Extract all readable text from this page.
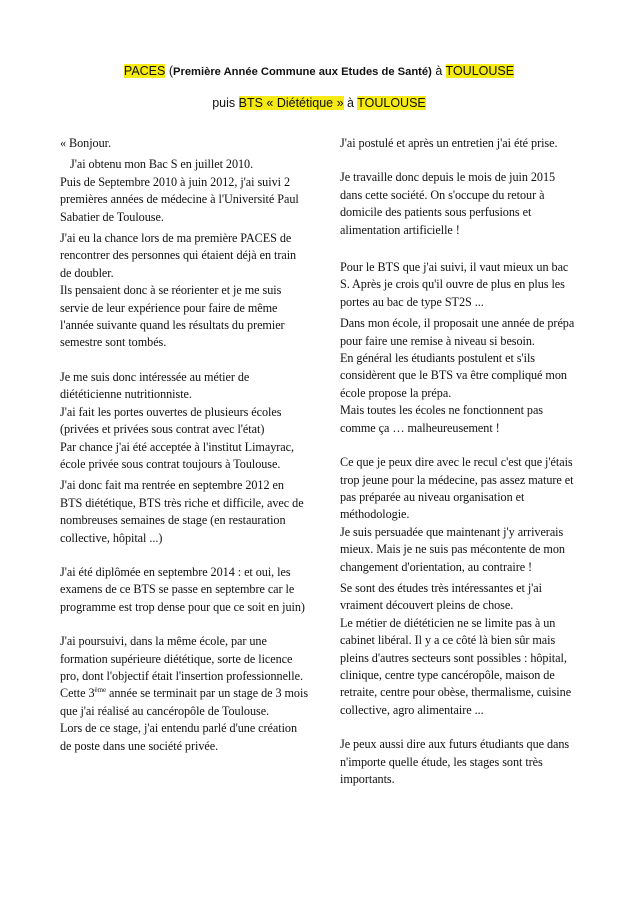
PACES (Première Année Commune aux Etudes de Santé) à TOULOUSE
puis BTS « Diététique » à TOULOUSE

« Bonjour.

J'ai obtenu mon Bac S en juillet 2010.

Puis de Septembre 2010 à juin 2012, j'ai suivi 2 premières années de médecine à l'Université Paul Sabatier de Toulouse.

J'ai eu la chance lors de ma première PACES de rencontrer des personnes qui étaient déjà en train de doubler.

Ils pensaient donc à se réorienter et je me suis servie de leur expérience pour faire de même l'année suivante quand les résultats du premier semestre sont tombés.

Je me suis donc intéressée au métier de diététicienne nutritionniste.

J'ai fait les portes ouvertes de plusieurs écoles (privées et privées sous contrat avec l'état)

Par chance j'ai été acceptée à l'institut Limayrac, école privée sous contrat toujours à Toulouse.

J'ai donc fait ma rentrée en septembre 2012 en BTS diététique, BTS très riche et difficile, avec de nombreuses semaines de stage (en restauration collective, hôpital ...)

J'ai été diplômée en septembre 2014 : et oui, les examens de ce BTS se passe en septembre car le programme est trop dense pour que ce soit en juin)

J'ai poursuivi, dans la même école, par une formation supérieure diététique, sorte de licence pro, dont l'objectif était l'insertion professionnelle.

Cette 3ème année se terminait par un stage de 3 mois que j'ai réalisé au cancéropôle de Toulouse.

Lors de ce stage, j'ai entendu parlé d'une création de poste dans une société privée.

J'ai postulé et après un entretien j'ai été prise.

Je travaille donc depuis le mois de juin 2015 dans cette société. On s'occupe du retour à domicile des patients sous perfusions et alimentation artificielle !

Pour le BTS que j'ai suivi, il vaut mieux un bac S. Après je crois qu'il ouvre de plus en plus les portes au bac de type ST2S ...

Dans mon école, il proposait une année de prépa pour faire une remise à niveau si besoin.

En général les étudiants postulent et s'ils considèrent que le BTS va être compliqué mon école propose la prépa.

Mais toutes les écoles ne fonctionnent pas comme ça … malheureusement !

Ce que je peux dire avec le recul c'est que j'étais trop jeune pour la médecine, pas assez mature et pas préparée au niveau organisation et méthodologie.

Je suis persuadée que maintenant j'y arriverais mieux. Mais je ne suis pas mécontente de mon changement d'orientation, au contraire !

Se sont des études très intéressantes et j'ai vraiment découvert pleins de chose.

Le métier de diététicien ne se limite pas à un cabinet libéral. Il y a ce côté là bien sûr mais pleins d'autres secteurs sont possibles : hôpital, clinique, centre type cancéropôle, maison de retraite, centre pour obèse, thermalisme, cuisine collective, agro alimentaire ...

Je peux aussi dire aux futurs étudiants que dans n'importe quelle étude, les stages sont très importants.
